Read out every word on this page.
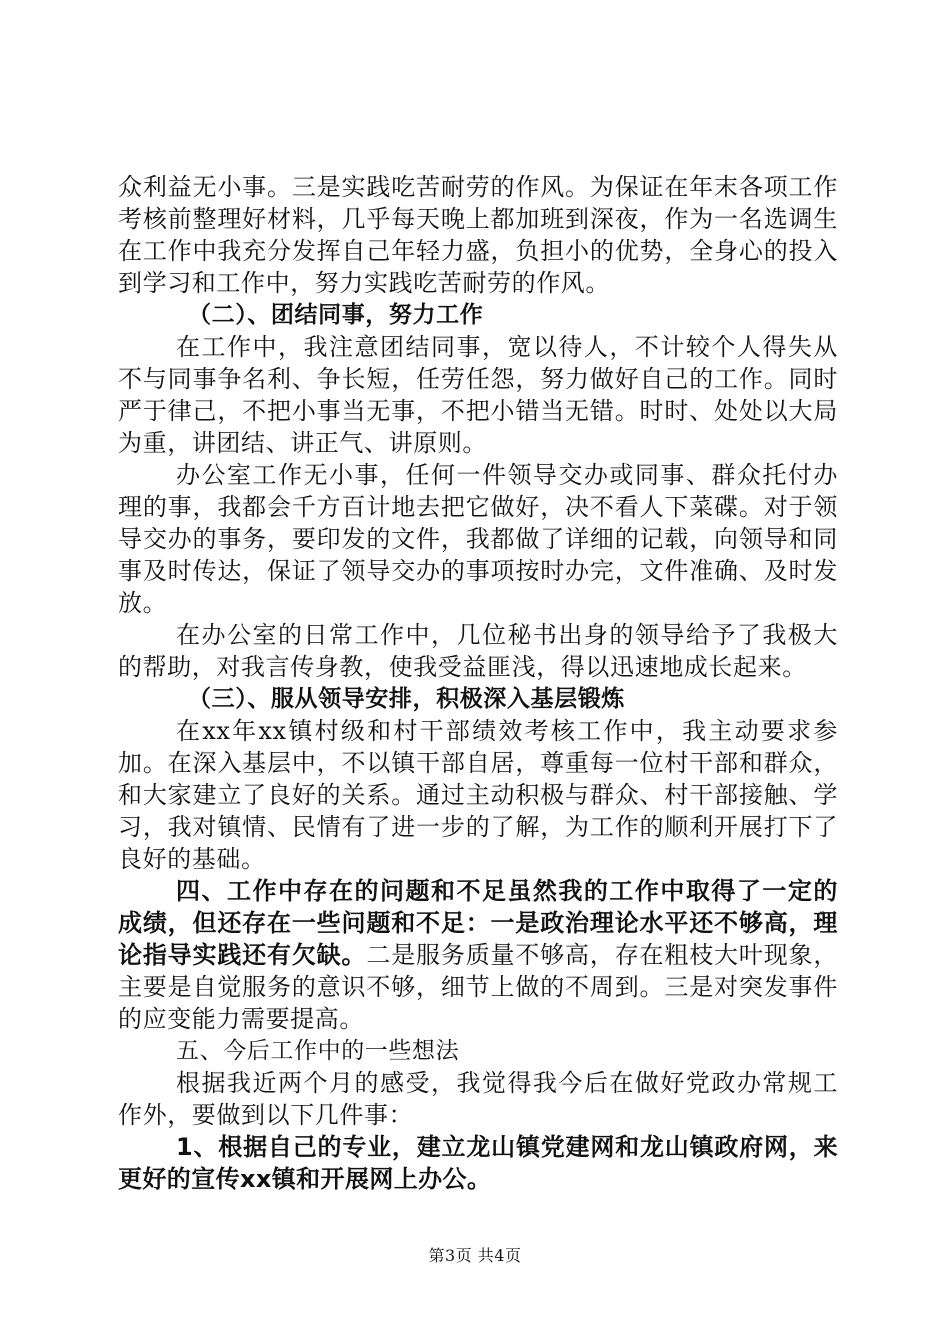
众利益无小事。三是实践吃苦耐劳的作风。为保证在年末各项工作考核前整理好材料，几乎每天晚上都加班到深夜，作为一名选调生在工作中我充分发挥自己年轻力盛，负担小的优势，全身心的投入到学习和工作中，努力实践吃苦耐劳的作风。

（二）、团结同事，努力工作

在工作中，我注意团结同事，宽以待人，不计较个人得失从不与同事争名利、争长短，任劳任怨，努力做好自己的工作。同时严于律己，不把小事当无事，不把小错当无错。时时、处处以大局为重，讲团结、讲正气、讲原则。

办公室工作无小事，任何一件领导交办或同事、群众托付办理的事，我都会千方百计地去把它做好，决不看人下菜碟。对于领导交办的事务，要印发的文件，我都做了详细的记载，向领导和同事及时传达，保证了领导交办的事项按时办完，文件准确、及时发放。

在办公室的日常工作中，几位秘书出身的领导给予了我极大的帮助，对我言传身教，使我受益匪浅，得以迅速地成长起来。

（三）、服从领导安排，积极深入基层锻炼

在xx年xx镇村级和村干部绩效考核工作中，我主动要求参加。在深入基层中，不以镇干部自居，尊重每一位村干部和群众，和大家建立了良好的关系。通过主动积极与群众、村干部接触、学习，我对镇情、民情有了进一步的了解，为工作的顺利开展打下了良好的基础。

四、工作中存在的问题和不足虽然我的工作中取得了一定的成绩，但还存在一些问题和不足：一是政治理论水平还不够高，理论指导实践还有欠缺。二是服务质量不够高，存在粗枝大叶现象，主要是自觉服务的意识不够，细节上做的不周到。三是对突发事件的应变能力需要提高。

五、今后工作中的一些想法

根据我近两个月的感受，我觉得我今后在做好党政办常规工作外，要做到以下几件事：

1、根据自己的专业，建立龙山镇党建网和龙山镇政府网，来更好的宣传xx镇和开展网上办公。

第3页 共4页
